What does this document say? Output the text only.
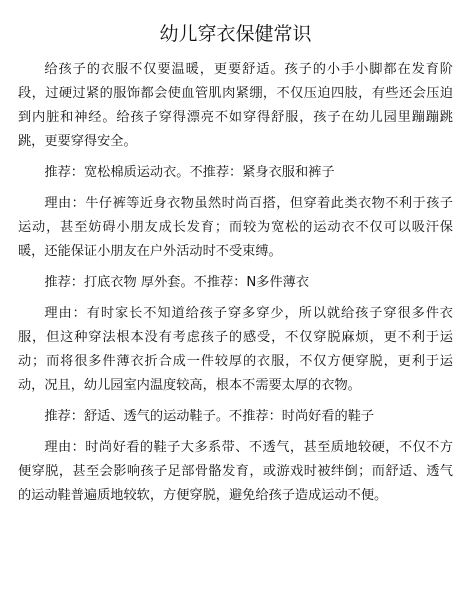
幼儿穿衣保健常识

给孩子的衣服不仅要温暖，更要舒适。孩子的小手小脚都在发育阶段，过硬过紧的服饰都会使血管肌肉紧绷，不仅压迫四肢，有些还会压迫到内脏和神经。给孩子穿得漂亮不如穿得舒服，孩子在幼儿园里蹦蹦跳跳，更要穿得安全。

推荐：宽松棉质运动衣。不推荐：紧身衣服和裤子

理由：牛仔裤等近身衣物虽然时尚百搭，但穿着此类衣物不利于孩子运动，甚至妨碍小朋友成长发育；而较为宽松的运动衣不仅可以吸汗保暖，还能保证小朋友在户外活动时不受束缚。

推荐：打底衣物 厚外套。不推荐：N多件薄衣

理由：有时家长不知道给孩子穿多穿少，所以就给孩子穿很多件衣服，但这种穿法根本没有考虑孩子的感受，不仅穿脱麻烦，更不利于运动；而将很多件薄衣折合成一件较厚的衣服，不仅方便穿脱，更利于运动，况且，幼儿园室内温度较高，根本不需要太厚的衣物。

推荐：舒适、透气的运动鞋子。不推荐：时尚好看的鞋子

理由：时尚好看的鞋子大多系带、不透气，甚至质地较硬，不仅不方便穿脱，甚至会影响孩子足部骨骼发育，或游戏时被绊倒；而舒适、透气的运动鞋普遍质地较软，方便穿脱，避免给孩子造成运动不便。
